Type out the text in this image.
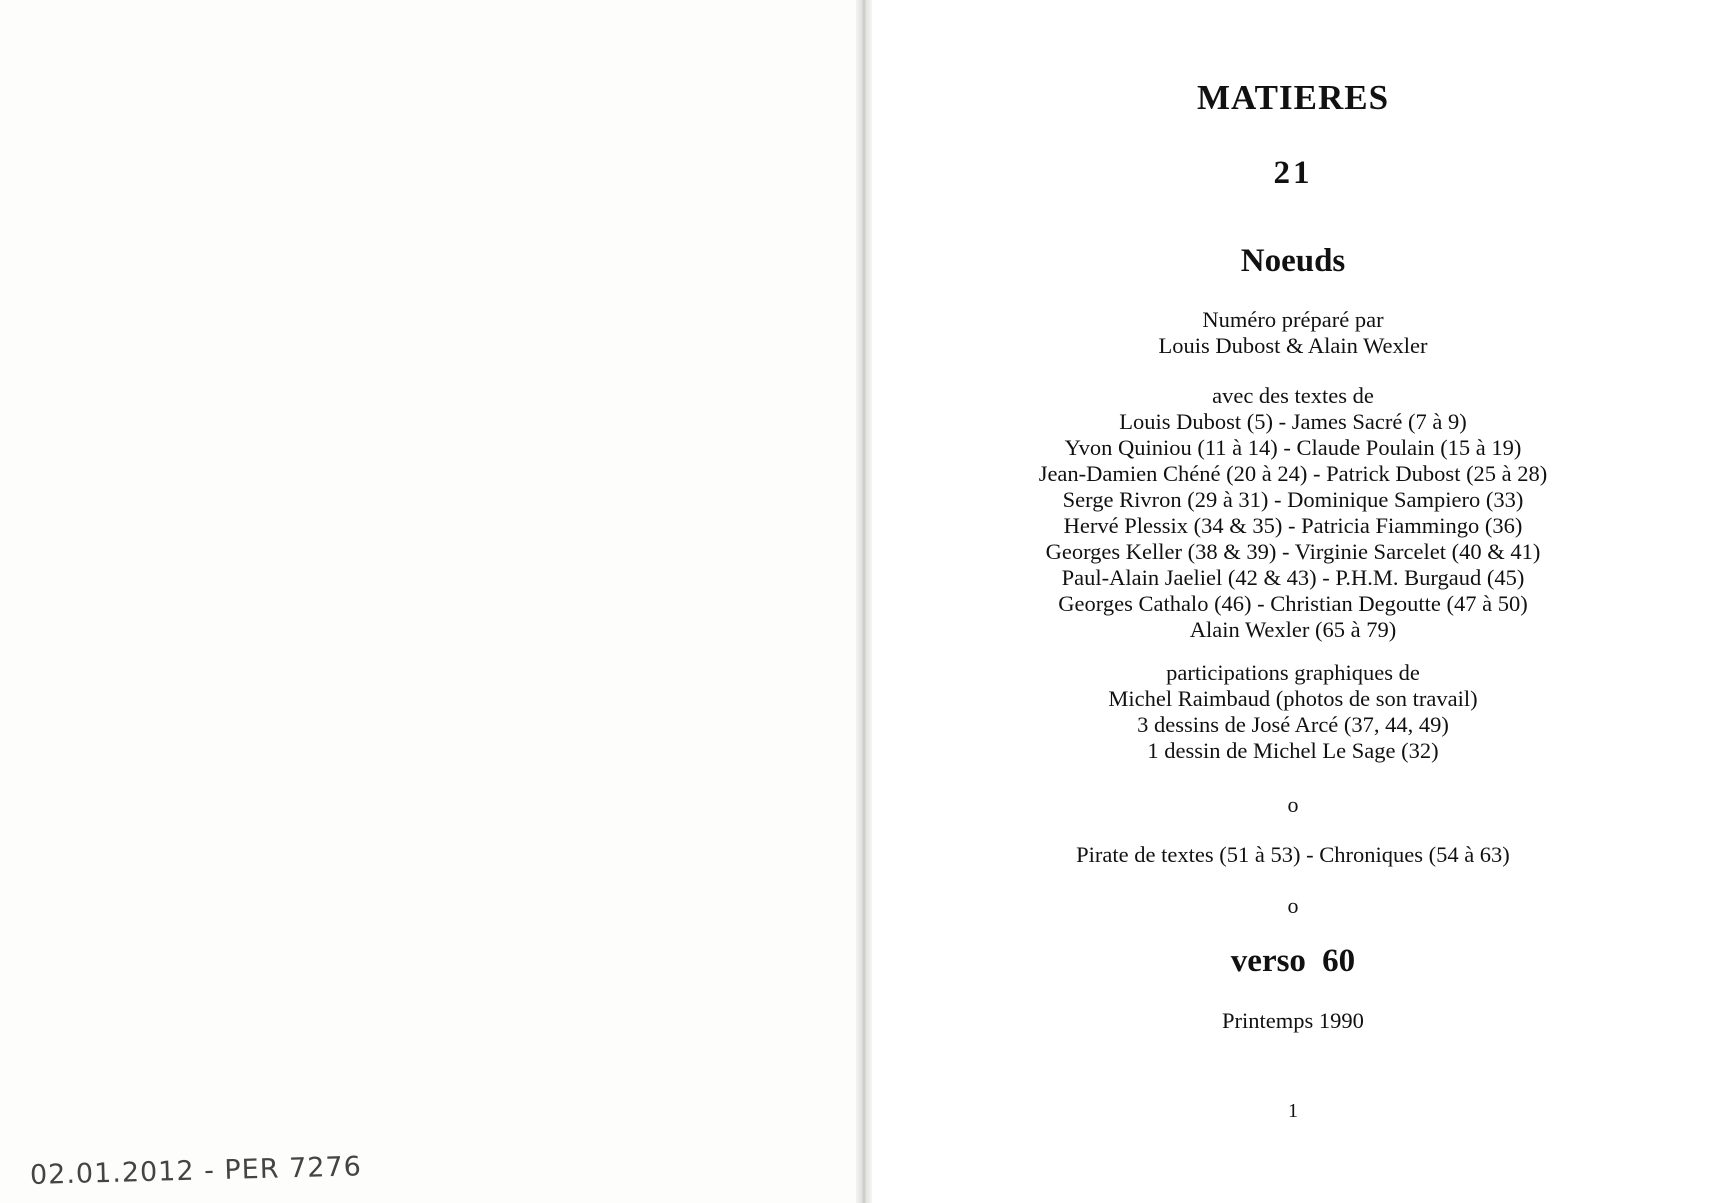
02.01.2012 - PER 7276
MATIERES
21
Noeuds
Numéro préparé par
Louis Dubost & Alain Wexler
avec des textes de
Louis Dubost (5) - James Sacré (7 à 9)
Yvon Quiniou (11 à 14) - Claude Poulain (15 à 19)
Jean-Damien Chéné (20 à 24) - Patrick Dubost (25 à 28)
Serge Rivron (29 à 31) - Dominique Sampiero (33)
Hervé Plessix (34 & 35) - Patricia Fiammingo (36)
Georges Keller (38 & 39) - Virginie Sarcelet (40 & 41)
Paul-Alain Jaeliel (42 & 43) - P.H.M. Burgaud (45)
Georges Cathalo (46) - Christian Degoutte (47 à 50)
Alain Wexler (65 à 79)
participations graphiques de
Michel Raimbaud (photos de son travail)
3 dessins de José Arcé (37, 44, 49)
1 dessin de Michel Le Sage (32)
o
Pirate de textes (51 à 53) - Chroniques (54 à 63)
o
verso 60
Printemps 1990
1
